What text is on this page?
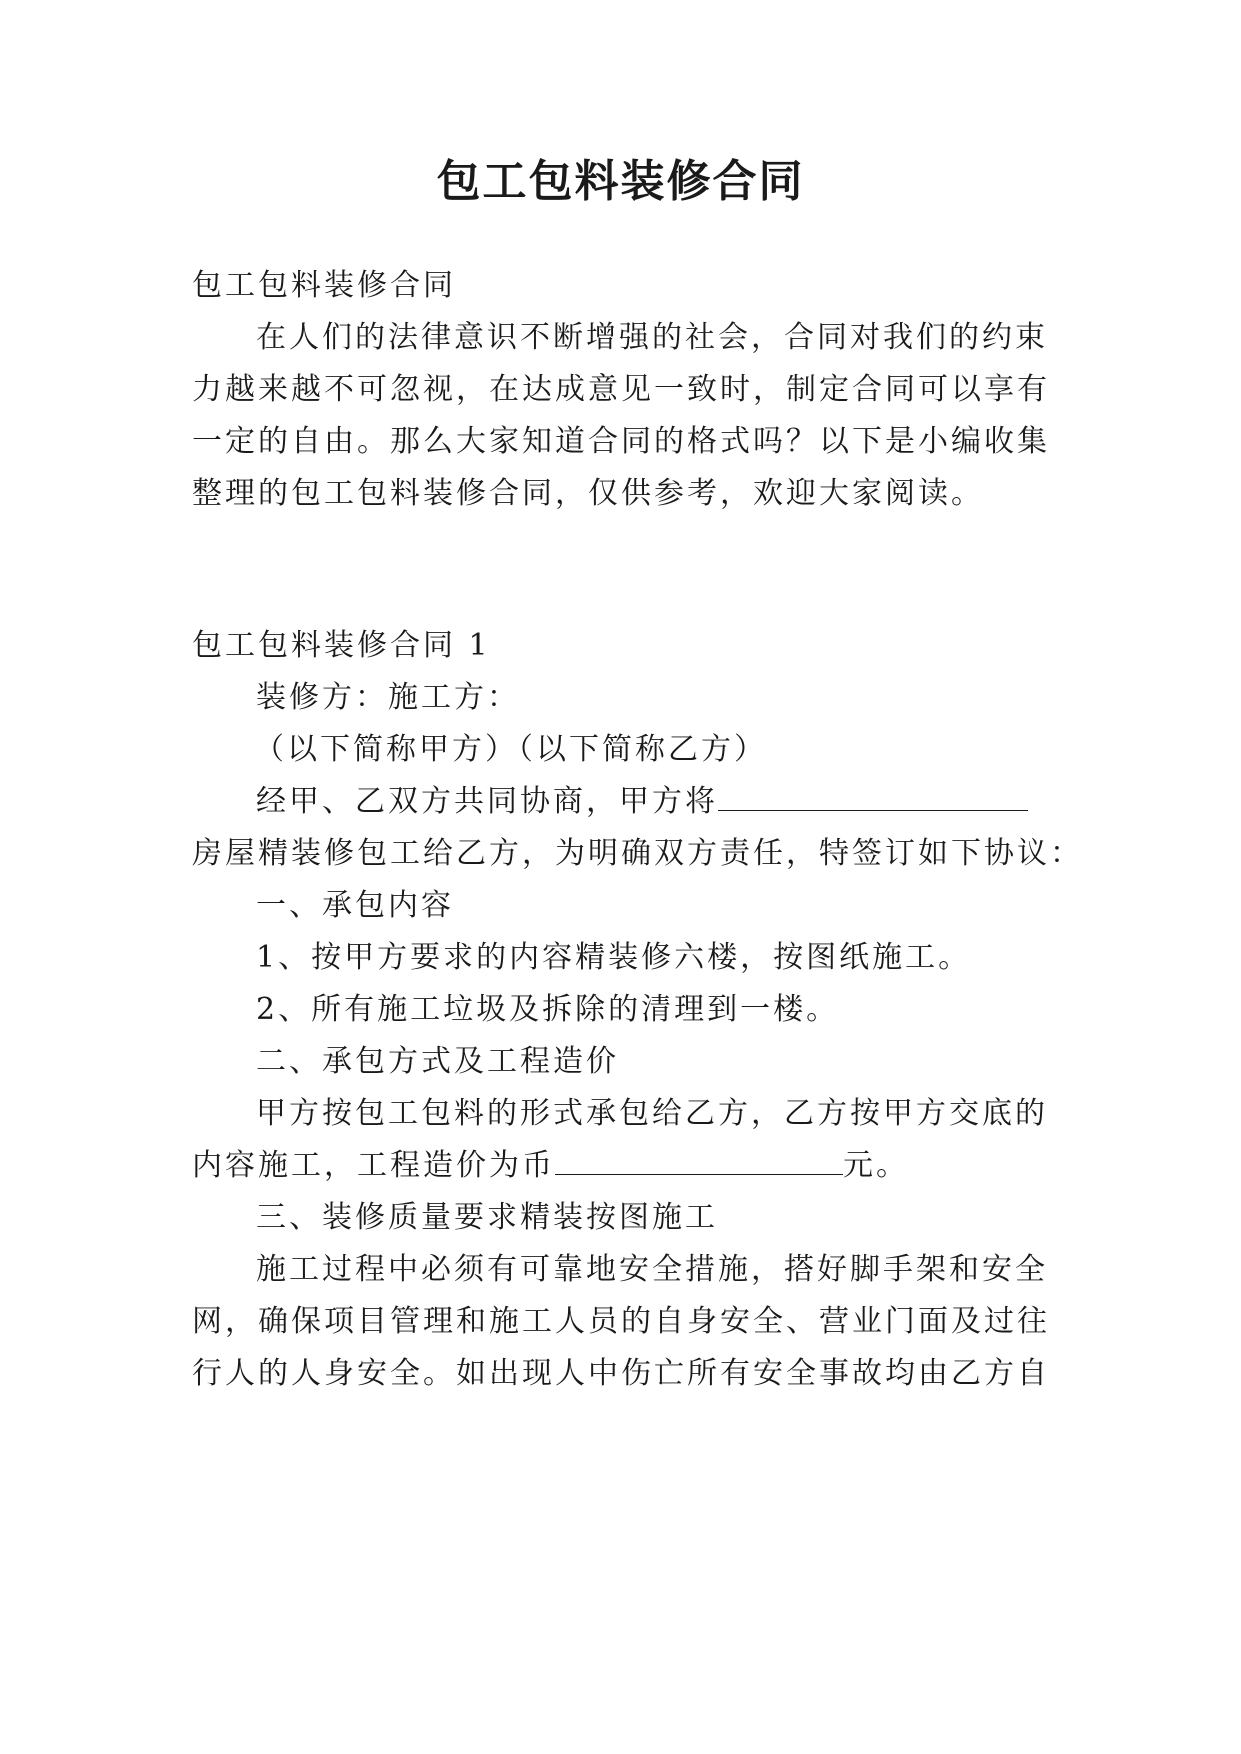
包工包料装修合同

包工包料装修合同

在人们的法律意识不断增强的社会，合同对我们的约束

力越来越不可忽视，在达成意见一致时，制定合同可以享有

一定的自由。那么大家知道合同的格式吗？以下是小编收集

整理的包工包料装修合同，仅供参考，欢迎大家阅读。

包工包料装修合同 1

装修方：施工方：

（以下简称甲方）（以下简称乙方）

经甲、乙双方共同协商，甲方将

房屋精装修包工给乙方，为明确双方责任，特签订如下协议：

一、承包内容

1、按甲方要求的内容精装修六楼，按图纸施工。

2、所有施工垃圾及拆除的清理到一楼。

二、承包方式及工程造价

甲方按包工包料的形式承包给乙方，乙方按甲方交底的

内容施工，工程造价为币	元。

三、装修质量要求精装按图施工

施工过程中必须有可靠地安全措施，搭好脚手架和安全

网，确保项目管理和施工人员的自身安全、营业门面及过往

行人的人身安全。如出现人中伤亡所有安全事故均由乙方自
